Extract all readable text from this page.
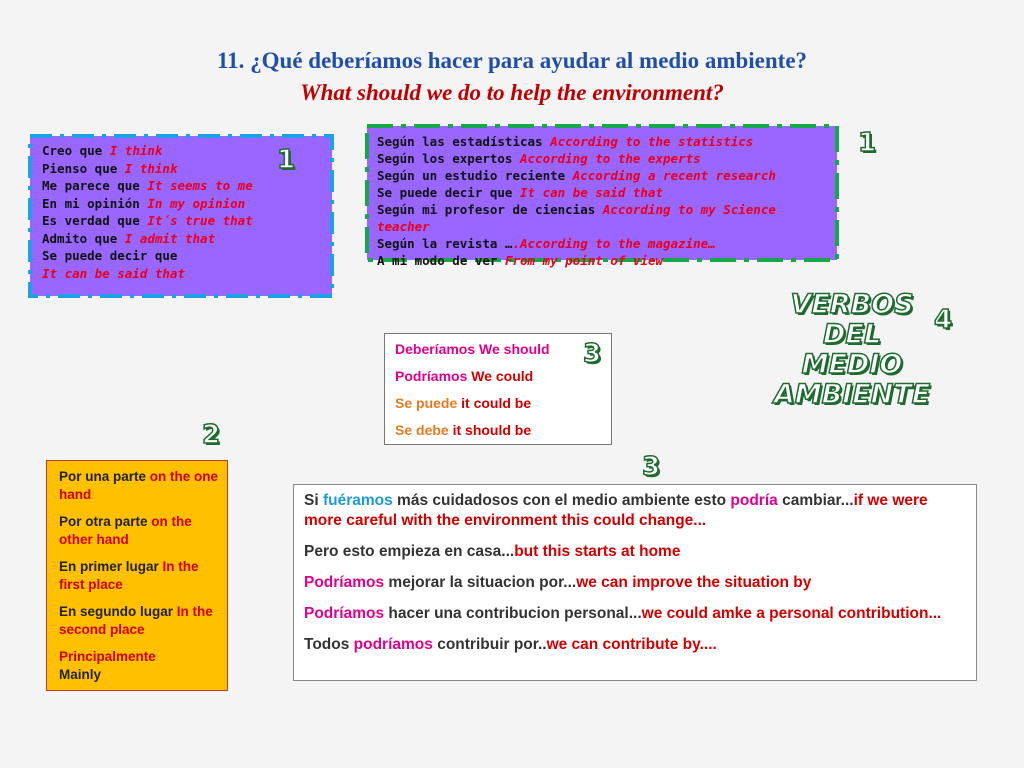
11. ¿Qué deberíamos hacer para ayudar al medio ambiente?
What should we do to help the environment?
Creo que I think
Pienso que I think
Me parece que It seems to me
En mi opinión In my opinion
Es verdad que It´s true that
Admito que I admit that
Se puede decir que
It can be said that
1
Según las estadísticas According to the statistics
Según los expertos According to the experts
Según un estudio reciente According a recent research
Se puede decir que It can be said that
Según mi profesor de ciencias According to my Science teacher
Según la revista ….According to the magazine…
A mi modo de ver From my point of view
1
VERBOS
DEL
MEDIO
AMBIENTE
4

Deberíamos We should

Podríamos We could

Se puede it could be

Se debe it should be

3
2

Por una parte on the one hand

Por otra parte on the other hand

En primer lugar In the first place

En segundo lugar In the second place

Principalmente
Mainly

3

Si fuéramos más cuidadosos con el medio ambiente esto podría cambiar...if we were more careful with the environment this could change...

Pero esto empieza en casa...but this starts at home

Podríamos mejorar la situacion por...we can improve the situation by

Podríamos hacer una contribucion personal...we could amke a personal contribution...

Todos podríamos contribuir por..we can contribute by....
